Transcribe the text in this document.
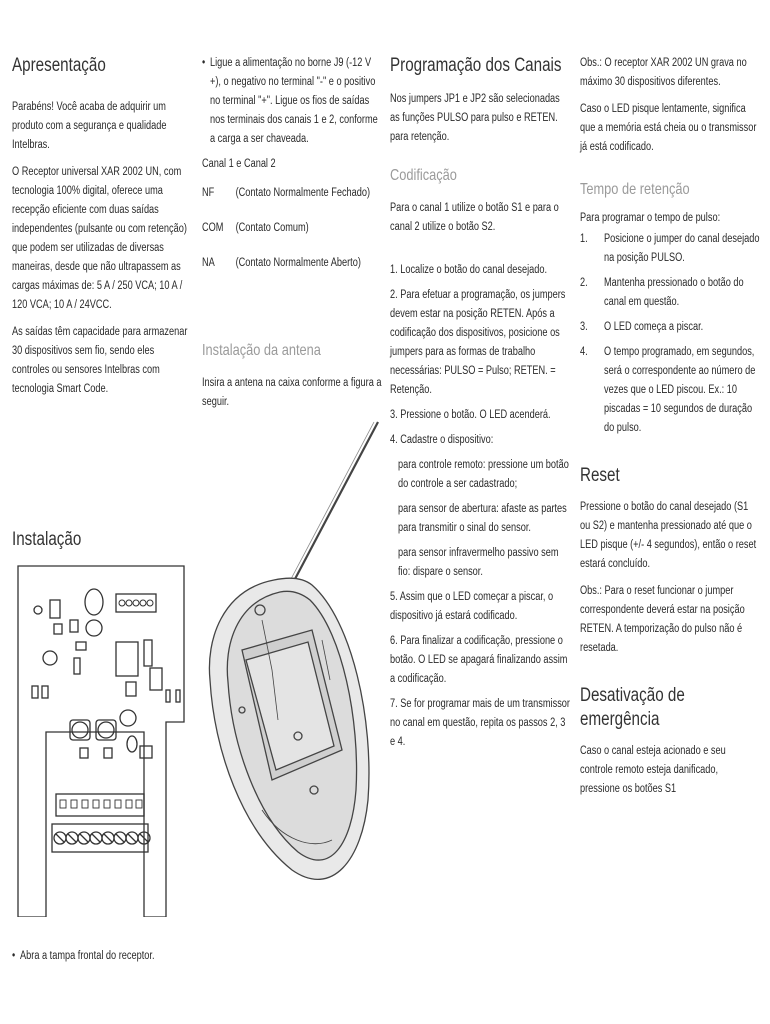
Apresentação

Parabéns! Você acaba de adquirir um produto com a segurança e qualidade Intelbras.

O Receptor universal XAR 2002 UN, com tecnologia 100% digital, oferece uma recepção eficiente com duas saídas independentes (pulsante ou com retenção) que podem ser utilizadas de diversas maneiras, desde que não ultrapassem as cargas máximas de: 5 A / 250 VCA; 10 A / 120 VCA; 10 A / 24VCC.

As saídas têm capacidade para armazenar 30 dispositivos sem fio, sendo eles controles ou sensores Intelbras com tecnologia Smart Code.

Instalação

• Abra a tampa frontal do receptor.

• Ligue a alimentação no borne J9 (-12 V +), o negativo no terminal "-" e o positivo no terminal "+". Ligue os fios de saídas nos terminais dos canais 1 e 2, conforme a carga a ser chaveada.

Canal 1 e Canal 2

NF	(Contato Normalmente Fechado)
COM	(Contato Comum)
NA	(Contato Normalmente Aberto)
Instalação da antena

Insira a antena na caixa conforme a figura a seguir.

Programação dos Canais

Nos jumpers JP1 e JP2 são selecionadas as funções PULSO para pulso e RETEN. para retenção.

Codificação

Para o canal 1 utilize o botão S1 e para o canal 2 utilize o botão S2.

1. Localize o botão do canal desejado.

2. Para efetuar a programação, os jumpers devem estar na posição RETEN. Após a codificação dos dispositivos, posicione os jumpers para as formas de trabalho necessárias: PULSO = Pulso; RETEN. = Retenção.

3. Pressione o botão. O LED acenderá.

4. Cadastre o dispositivo:

para controle remoto: pressione um botão do controle a ser cadastrado;

para sensor de abertura: afaste as partes para transmitir o sinal do sensor.

para sensor infravermelho passivo sem fio: dispare o sensor.

5. Assim que o LED começar a piscar, o dispositivo já estará codificado.

6. Para finalizar a codificação, pressione o botão. O LED se apagará finalizando assim a codificação.

7. Se for programar mais de um transmissor no canal em questão, repita os passos 2, 3 e 4.

Obs.: O receptor XAR 2002 UN grava no máximo 30 dispositivos diferentes.

Caso o LED pisque lentamente, significa que a memória está cheia ou o transmissor já está codificado.

Tempo de retenção

Para programar o tempo de pulso:

1.	Posicione o jumper do canal desejado na posição PULSO.
2.	Mantenha pressionado o botão do canal em questão.
3.	O LED começa a piscar.
4.	O tempo programado, em segundos, será o correspondente ao número de vezes que o LED piscou. Ex.: 10 piscadas = 10 segundos de duração do pulso.
Reset

Pressione o botão do canal desejado (S1 ou S2) e mantenha pressionado até que o LED pisque (+/- 4 segundos), então o reset estará concluído.

Obs.: Para o reset funcionar o jumper correspondente deverá estar na posição RETEN. A temporização do pulso não é resetada.

Desativação de emergência

Caso o canal esteja acionado e seu controle remoto esteja danificado, pressione os botões S1
